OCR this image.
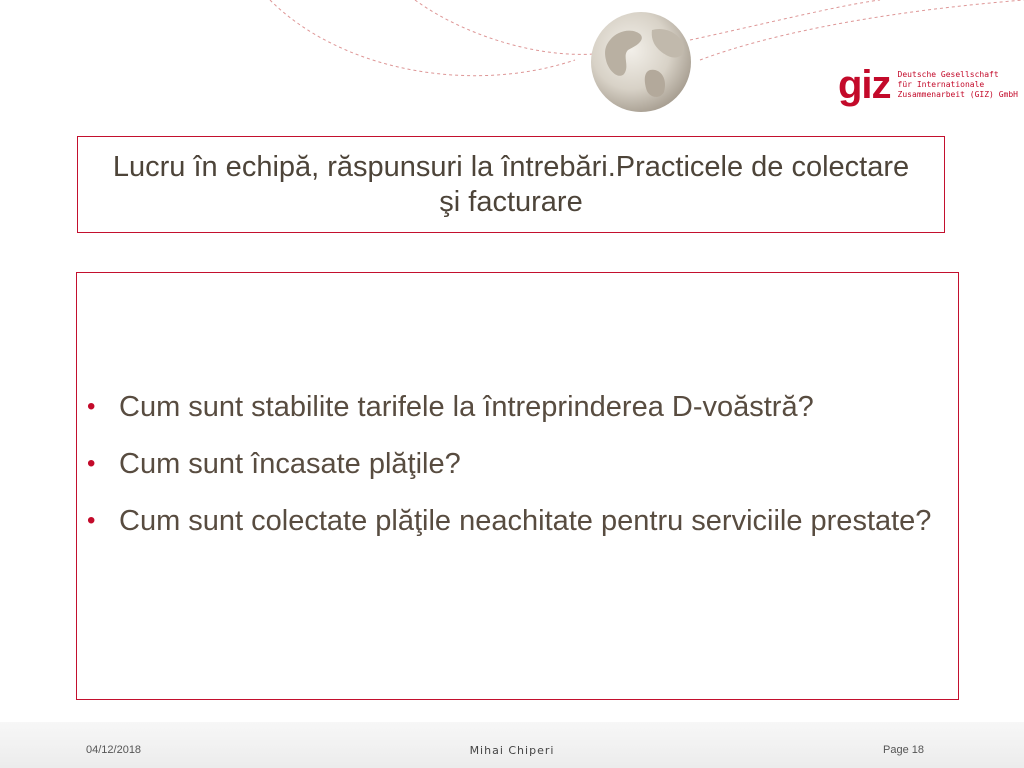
giz Deutsche Gesellschaft
für Internationale
Zusammenarbeit (GIZ) GmbH
Lucru în echipă, răspunsuri la întrebări.Practicele de colectare şi facturare
• Cum sunt stabilite tarifele la întreprinderea D-voăstră?
• Cum sunt încasate plăţile?
• Cum sunt colectate plăţile neachitate pentru serviciile prestate?
04/12/2018	Mihai Chiperi	Page 18
